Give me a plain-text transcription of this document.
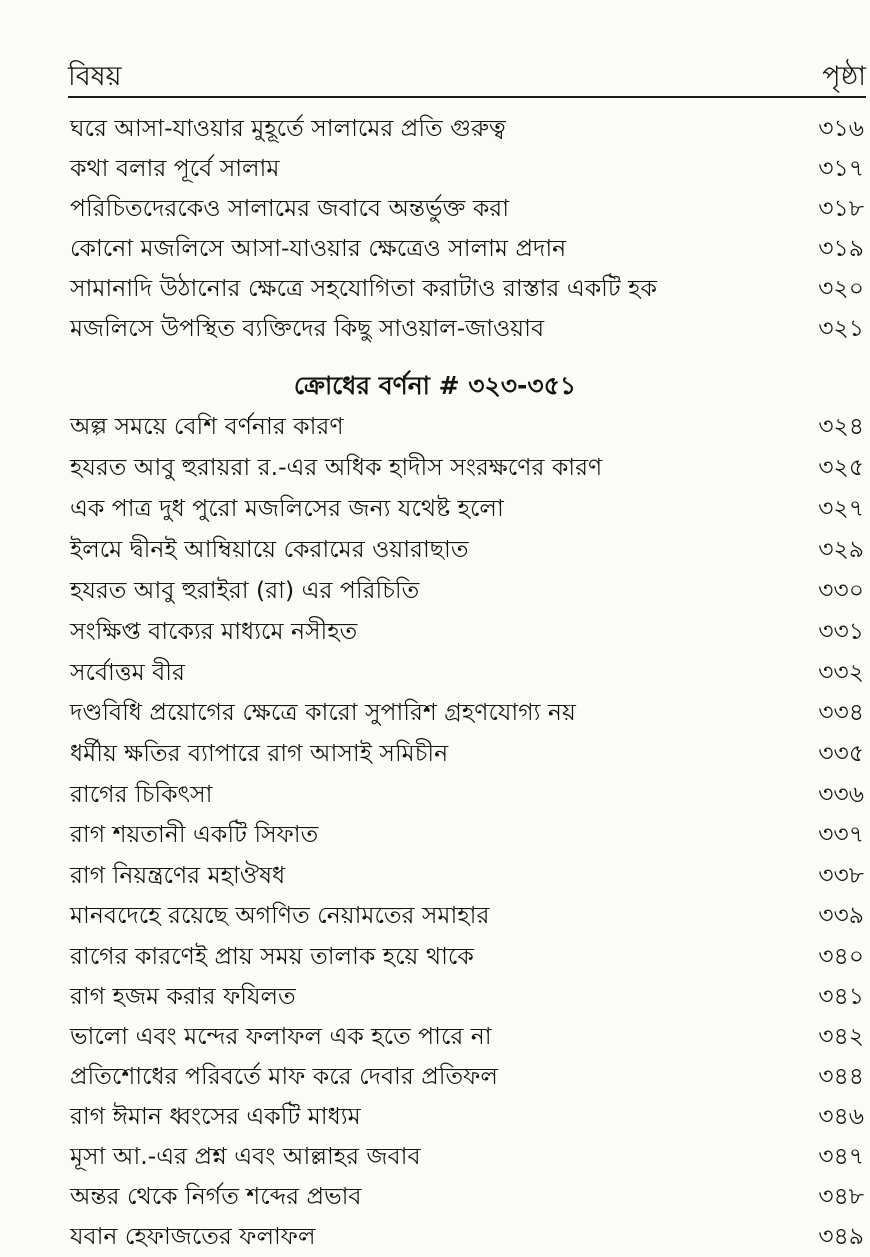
বিষয়	পৃষ্ঠা
ঘরে আসা-যাওয়ার মুহূর্তে সালামের প্রতি গুরুত্ব	৩১৬
কথা বলার পূর্বে সালাম	৩১৭
পরিচিতদেরকেও সালামের জবাবে অন্তর্ভুক্ত করা	৩১৮
কোনো মজলিসে আসা-যাওয়ার ক্ষেত্রেও সালাম প্রদান	৩১৯
সামানাদি উঠানোর ক্ষেত্রে সহযোগিতা করাটাও রাস্তার একটি হক	৩২০
মজলিসে উপস্থিত ব্যক্তিদের কিছু সাওয়াল-জাওয়াব	৩২১
ক্রোধের বর্ণনা # ৩২৩-৩৫১
অল্প সময়ে বেশি বর্ণনার কারণ	৩২৪
হযরত আবু হুরায়রা র.-এর অধিক হাদীস সংরক্ষণের কারণ	৩২৫
এক পাত্র দুধ পুরো মজলিসের জন্য যথেষ্ট হলো	৩২৭
ইলমে দ্বীনই আম্বিয়ায়ে কেরামের ওয়ারাছাত	৩২৯
হযরত আবু হুরাইরা (রা) এর পরিচিতি	৩৩০
সংক্ষিপ্ত বাক্যের মাধ্যমে নসীহত	৩৩১
সর্বোত্তম বীর	৩৩২
দণ্ডবিধি প্রয়োগের ক্ষেত্রে কারো সুপারিশ গ্রহণযোগ্য নয়	৩৩৪
ধর্মীয় ক্ষতির ব্যাপারে রাগ আসাই সমিচীন	৩৩৫
রাগের চিকিৎসা	৩৩৬
রাগ শয়তানী একটি সিফাত	৩৩৭
রাগ নিয়ন্ত্রণের মহাঔষধ	৩৩৮
মানবদেহে রয়েছে অগণিত নেয়ামতের সমাহার	৩৩৯
রাগের কারণেই প্রায় সময় তালাক হয়ে থাকে	৩৪০
রাগ হজম করার ফযিলত	৩৪১
ভালো এবং মন্দের ফলাফল এক হতে পারে না	৩৪২
প্রতিশোধের পরিবর্তে মাফ করে দেবার প্রতিফল	৩৪৪
রাগ ঈমান ধ্বংসের একটি মাধ্যম	৩৪৬
মূসা আ.-এর প্রশ্ন এবং আল্লাহর জবাব	৩৪৭
অন্তর থেকে নির্গত শব্দের প্রভাব	৩৪৮
যবান হেফাজতের ফলাফল	৩৪৯
